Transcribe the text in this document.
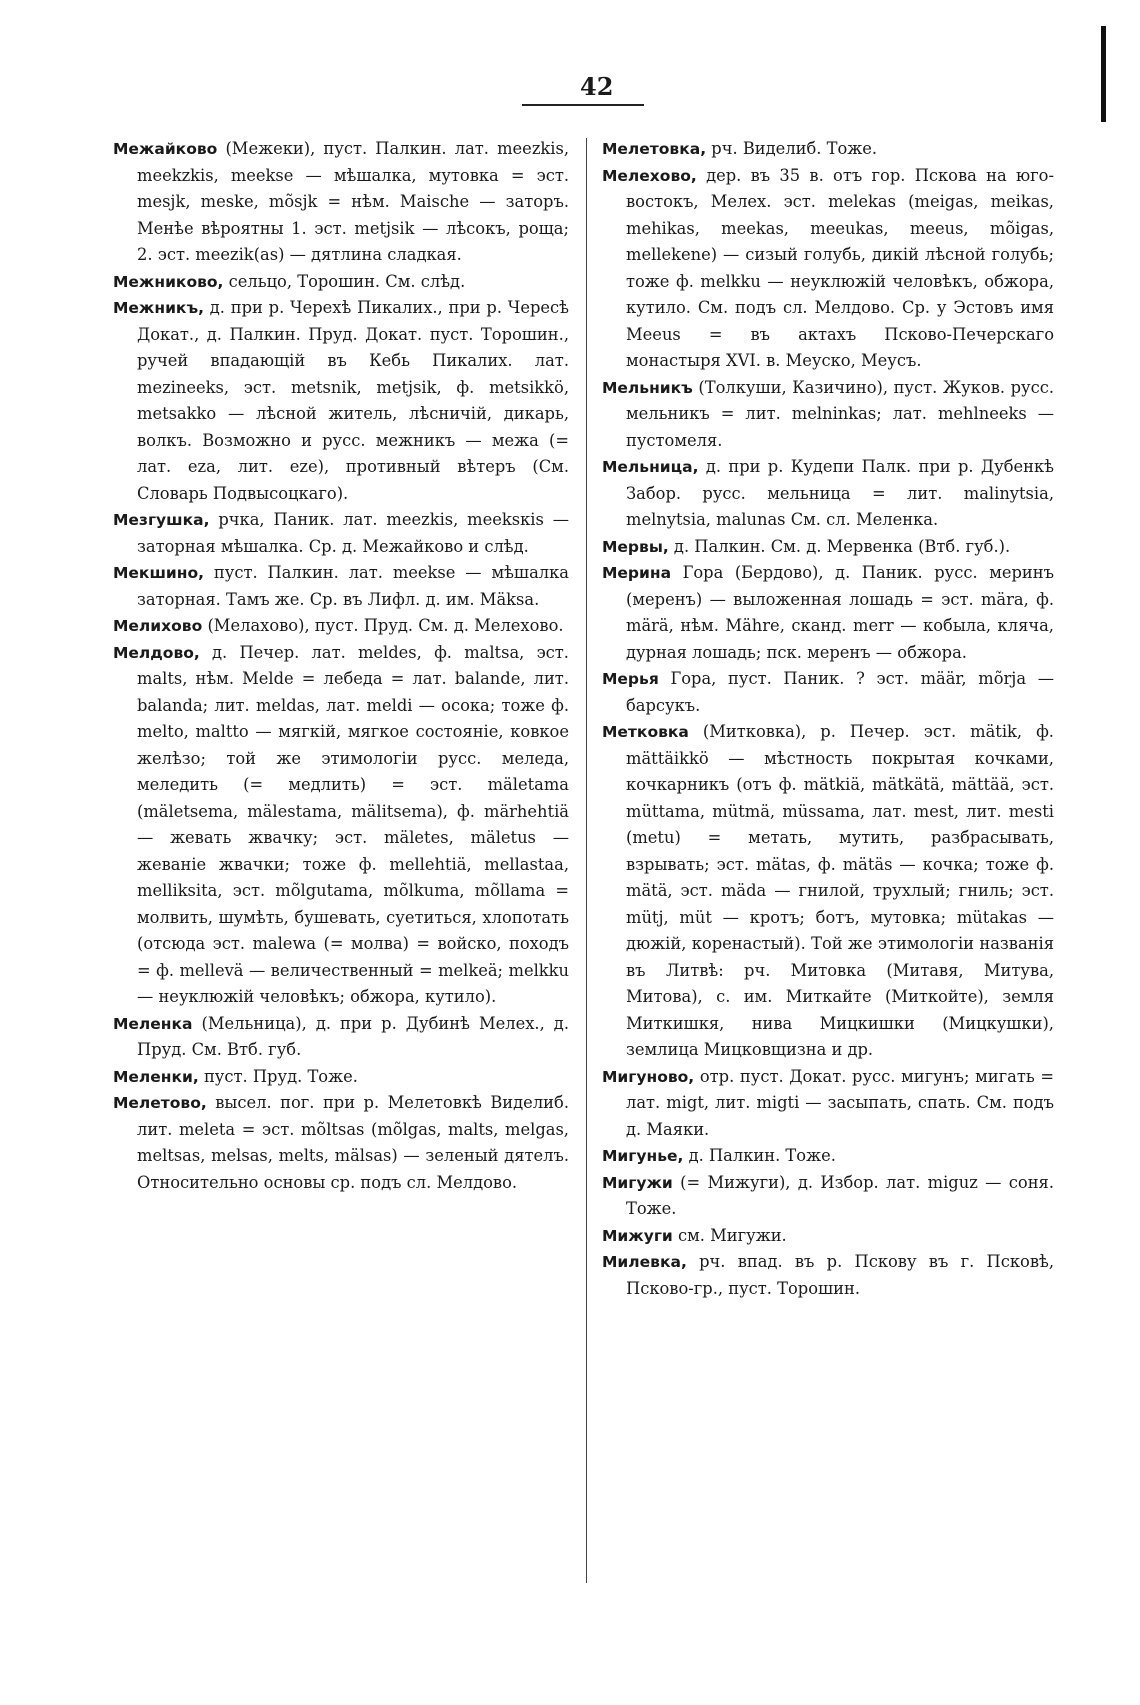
42

Межайково (Межеки), пуст. Палкин. лат. meezkis, meekzkis, meekse — мѣшалка, мутовка = эст. mesjk, meske, mõsjk = нѣм. Maische — заторъ. Менѣе вѣроятны 1. эст. metjsik — лѣсокъ, роща; 2. эст. meezik(as) — дятлина сладкая.

Межниково, сельцо, Торошин. См. слѣд.

Межникъ, д. при р. Черехѣ Пикалих., при р. Чересѣ Докат., д. Палкин. Пруд. Докат. пуст. Торошин., ручей впадающій въ Кебь Пикалих. лат. mezineeks, эст. metsnik, metjsik, ф. metsikkö, metsakko — лѣсной житель, лѣсничій, дикарь, волкъ. Возможно и русс. межникъ — межа (= лат. eza, лит. eze), противный вѣтеръ (См. Словарь Подвысоцкаго).

Мезгушка, рчка, Паник. лат. meezkis, meeksкis — заторная мѣшалка. Ср. д. Межайково и слѣд.

Мекшино, пуст. Палкин. лат. meekse — мѣшалка заторная. Тамъ же. Ср. въ Лифл. д. им. Mäksa.

Мелихово (Мелахово), пуст. Пруд. См. д. Мелехово.

Мелдово, д. Печер. лат. meldes, ф. maltsa, эст. malts, нѣм. Melde = лебеда = лат. balande, лит. balanda; лит. meldas, лат. meldi — осока; тоже ф. melto, maltto — мягкій, мягкое состояніе, ковкое желѣзо; той же этимологіи русс. меледа, меледить (= медлить) = эст. mäletama (mäletsema, mälestama, mälitsema), ф. märhehtiä — жевать жвачку; эст. mäletes, mäletus — жеваніе жвачки; тоже ф. mellehtiä, mellastaa, melliksita, эст. mõlgutama, mõlkuma, mõllama = молвить, шумѣть, бушевать, суетиться, хлопотать (отсюда эст. malewa (= молва) = войско, походъ = ф. mellevä — величественный = melkeä; melkku — неуклюжій человѣкъ; обжора, кутило).

Меленка (Мельница), д. при р. Дубинѣ Мелех., д. Пруд. См. Втб. губ.

Меленки, пуст. Пруд. Тоже.

Мелетово, высел. пог. при р. Мелетовкѣ Виделиб. лит. meleta = эст. mõltsas (mõlgas, malts, melgas, meltsas, melsas, melts, mälsas) — зеленый дятелъ. Относительно основы ср. подъ сл. Мелдово.

Мелетовка, рч. Виделиб. Тоже.

Мелехово, дер. въ 35 в. отъ гор. Пскова на юго-востокъ, Мелех. эст. melekas (meigas, meikas, mehikas, meekas, meeukas, meeus, mõigas, mellekene) — сизый голубь, дикій лѣсной голубь; тоже ф. melkku — неуклюжій человѣкъ, обжора, кутило. См. подъ сл. Мелдово. Ср. у Эстовъ имя Meeus = въ актахъ Псково-Печерскаго монастыря XVI. в. Меуско, Меусъ.

Мельникъ (Толкуши, Казичино), пуст. Жуков. русс. мельникъ = лит. melninkas; лат. mehlneeks — пустомеля.

Мельница, д. при р. Кудепи Палк. при р. Дубенкѣ Забор. русс. мельница = лит. malinytsia, melnytsia, malunas См. сл. Меленка.

Мервы, д. Палкин. См. д. Мервенка (Втб. губ.).

Мерина Гора (Бердово), д. Паник. русс. меринъ (меренъ) — выложенная лошадь = эст. mära, ф. märä, нѣм. Mähre, сканд. merr — кобыла, кляча, дурная лошадь; пск. меренъ — обжора.

Мерья Гора, пуст. Паник. ? эст. määr, mõrja — барсукъ.

Метковка (Митковка), р. Печер. эст. mätik, ф. mättäikkö — мѣстность покрытая кочками, кочкарникъ (отъ ф. mätkiä, mätkätä, mättää, эст. müttama, mütmä, müssama, лат. mest, лит. mesti (metu) = метать, мутить, разбрасывать, взрывать; эст. mätas, ф. mätäs — кочка; тоже ф. mätä, эст. mäda — гнилой, трухлый; гниль; эст. mütj, müt — кротъ; ботъ, мутовка; mütakas — дюжій, коренастый). Той же этимологіи названія въ Литвѣ: рч. Митовка (Митавя, Митува, Митова), с. им. Миткайте (Миткойте), земля Миткишкя, нива Мицкишки (Мицкушки), землица Мицковщизна и др.

Мигуново, отр. пуст. Докат. русс. мигунъ; мигать = лат. migt, лит. migti — засыпать, спать. См. подъ д. Маяки.

Мигунье, д. Палкин. Тоже.

Мигужи (= Мижуги), д. Избор. лат. miguz — соня. Тоже.

Мижуги см. Мигужи.

Милевка, рч. впад. въ р. Пскову въ г. Псковѣ, Псково-гр., пуст. Торошин.
